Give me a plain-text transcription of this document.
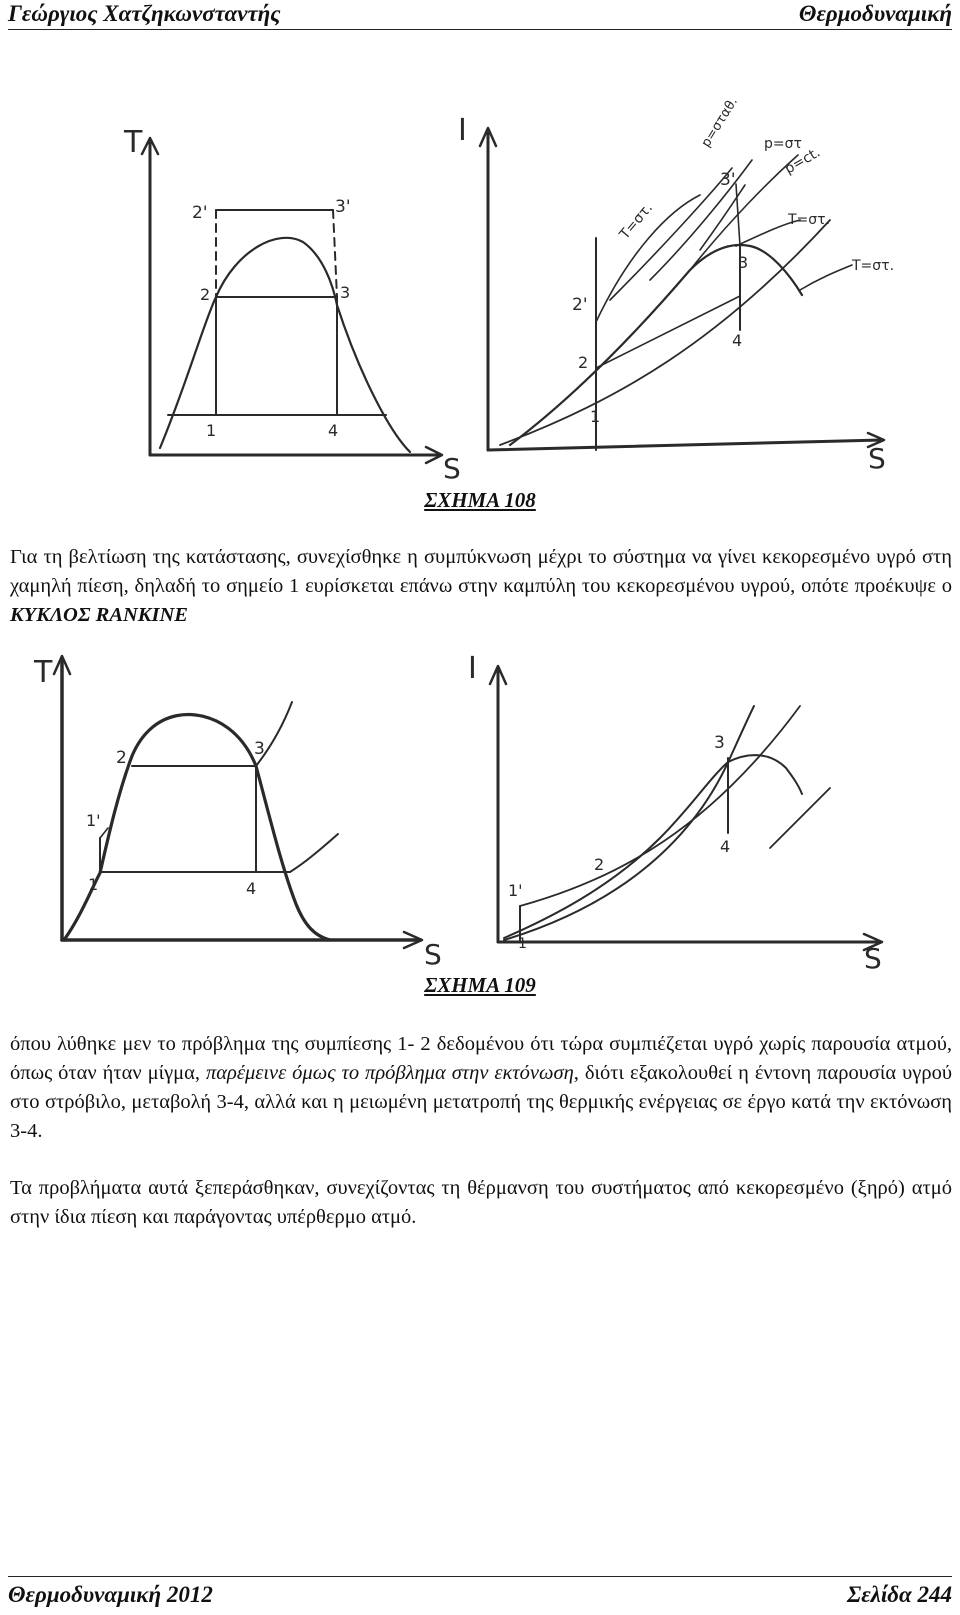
Γεώργιος Χατζηκωνσταντής	Θερμοδυναμική
T
S
2'	3'
2	3
1	4
I
S
2'
3'
2
3
1
4
p=σταθ. p=στ
p=ct.
T=στ.	T=στ.
T=στ.
ΣΧΗΜΑ 108
Για τη βελτίωση της κατάστασης, συνεχίσθηκε η συμπύκνωση μέχρι το σύστημα να γίνει κεκορεσμένο υγρό στη χαμηλή πίεση, δηλαδή το σημείο 1 ευρίσκεται επάνω στην καμπύλη του κεκορεσμένου υγρού, οπότε προέκυψε ο ΚΥΚΛΟΣ RANKINE
T
S
1'
1
2	3
4
I
S
1'
1
2
3
4
ΣΧΗΜΑ 109
όπου λύθηκε μεν το πρόβλημα της συμπίεσης 1- 2 δεδομένου ότι τώρα συμπιέζεται υγρό χωρίς παρουσία ατμού, όπως όταν ήταν μίγμα, παρέμεινε όμως το πρόβλημα στην εκτόνωση, διότι εξακολουθεί η έντονη παρουσία υγρού στο στρόβιλο, μεταβολή 3-4, αλλά και η μειωμένη μετατροπή της θερμικής ενέργειας σε έργο κατά την εκτόνωση 3-4.
Τα προβλήματα αυτά ξεπεράσθηκαν, συνεχίζοντας τη θέρμανση του συστήματος από κεκορεσμένο (ξηρό) ατμό στην ίδια πίεση και παράγοντας υπέρθερμο ατμό.
Θερμοδυναμική 2012	Σελίδα 244
